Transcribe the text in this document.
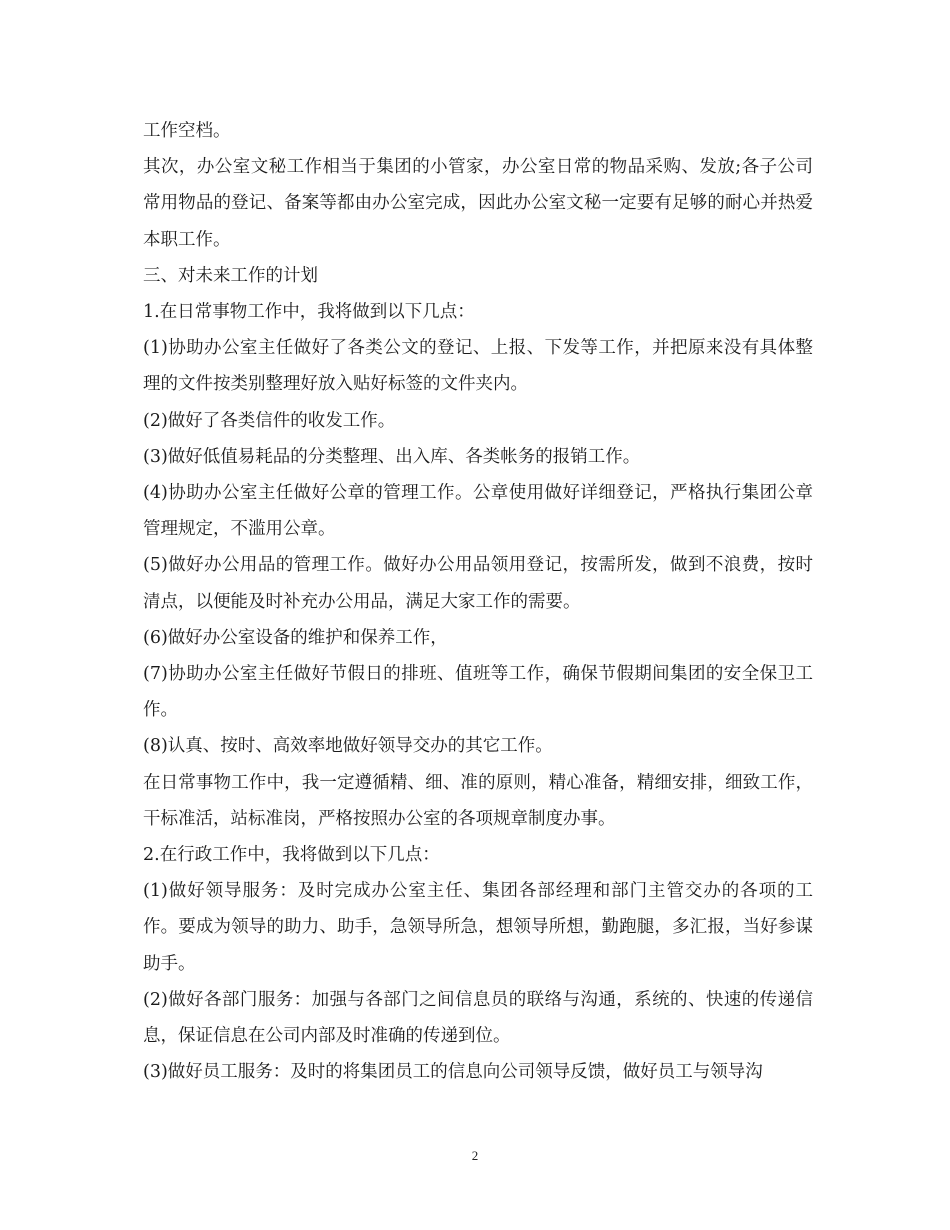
工作空档。

其次，办公室文秘工作相当于集团的小管家，办公室日常的物品采购、发放;各子公司常用物品的登记、备案等都由办公室完成，因此办公室文秘一定要有足够的耐心并热爱本职工作。

三、对未来工作的计划

1.在日常事物工作中，我将做到以下几点：

(1)协助办公室主任做好了各类公文的登记、上报、下发等工作，并把原来没有具体整理的文件按类别整理好放入贴好标签的文件夹内。

(2)做好了各类信件的收发工作。

(3)做好低值易耗品的分类整理、出入库、各类帐务的报销工作。

(4)协助办公室主任做好公章的管理工作。公章使用做好详细登记，严格执行集团公章管理规定，不滥用公章。

(5)做好办公用品的管理工作。做好办公用品领用登记，按需所发，做到不浪费，按时清点，以便能及时补充办公用品，满足大家工作的需要。

(6)做好办公室设备的维护和保养工作，

(7)协助办公室主任做好节假日的排班、值班等工作，确保节假期间集团的安全保卫工作。

(8)认真、按时、高效率地做好领导交办的其它工作。

在日常事物工作中，我一定遵循精、细、准的原则，精心准备，精细安排，细致工作，干标准活，站标准岗，严格按照办公室的各项规章制度办事。

2.在行政工作中，我将做到以下几点：

(1)做好领导服务：及时完成办公室主任、集团各部经理和部门主管交办的各项的工作。要成为领导的助力、助手，急领导所急，想领导所想，勤跑腿，多汇报，当好参谋助手。

(2)做好各部门服务：加强与各部门之间信息员的联络与沟通，系统的、快速的传递信息，保证信息在公司内部及时准确的传递到位。

(3)做好员工服务：及时的将集团员工的信息向公司领导反馈，做好员工与领导沟

2
